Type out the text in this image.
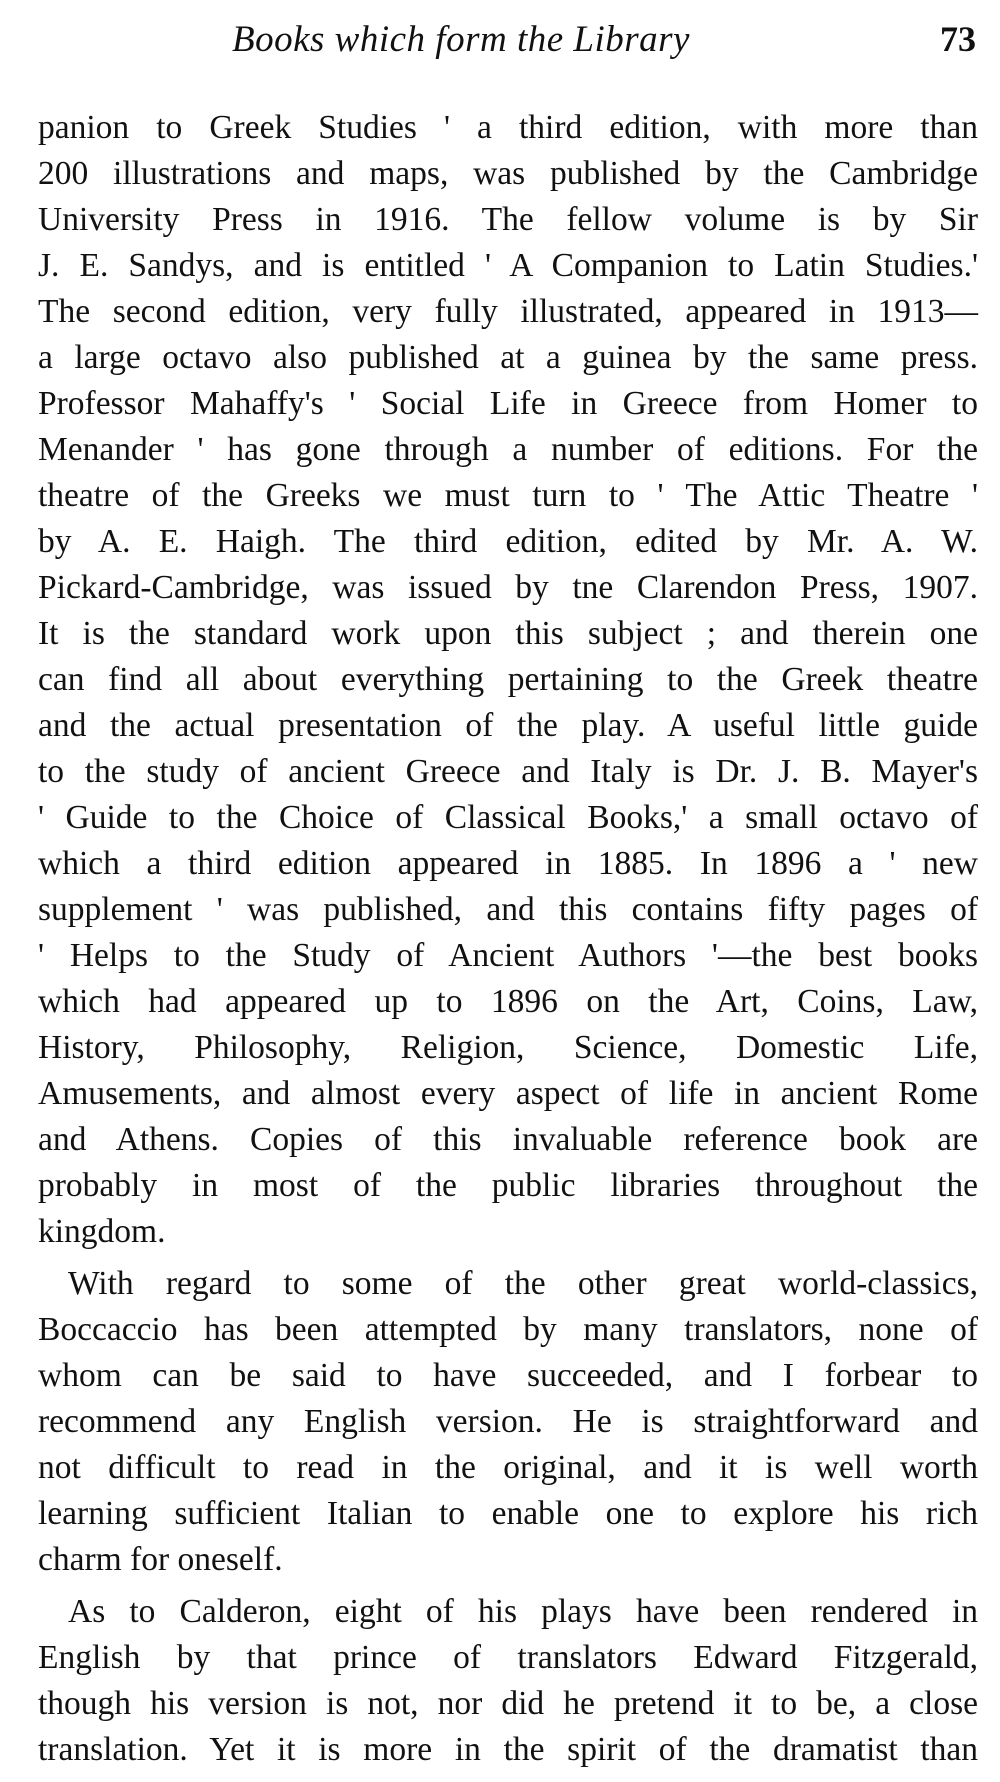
Books which form the Library	73
panion to Greek Studies ' a third edition, with more than
200 illustrations and maps, was published by the Cambridge
University Press in 1916. The fellow volume is by Sir
J. E. Sandys, and is entitled ' A Companion to Latin Studies.'
The second edition, very fully illustrated, appeared in 1913—
a large octavo also published at a guinea by the same press.
Professor Mahaffy's ' Social Life in Greece from Homer to
Menander ' has gone through a number of editions. For the
theatre of the Greeks we must turn to ' The Attic Theatre '
by A. E. Haigh. The third edition, edited by Mr. A. W.
Pickard-Cambridge, was issued by tne Clarendon Press, 1907.
It is the standard work upon this subject ; and therein one
can find all about everything pertaining to the Greek theatre
and the actual presentation of the play. A useful little guide
to the study of ancient Greece and Italy is Dr. J. B. Mayer's
' Guide to the Choice of Classical Books,' a small octavo of
which a third edition appeared in 1885. In 1896 a ' new
supplement ' was published, and this contains fifty pages of
' Helps to the Study of Ancient Authors '—the best books
which had appeared up to 1896 on the Art, Coins, Law,
History, Philosophy, Religion, Science, Domestic Life,
Amusements, and almost every aspect of life in ancient Rome
and Athens. Copies of this invaluable reference book are
probably in most of the public libraries throughout the
kingdom.
With regard to some of the other great world-classics,
Boccaccio has been attempted by many translators, none of
whom can be said to have succeeded, and I forbear to
recommend any English version. He is straightforward and
not difficult to read in the original, and it is well worth
learning sufficient Italian to enable one to explore his rich
charm for oneself.
As to Calderon, eight of his plays have been rendered in
English by that prince of translators Edward Fitzgerald,
though his version is not, nor did he pretend it to be, a close
translation. Yet it is more in the spirit of the dramatist than
